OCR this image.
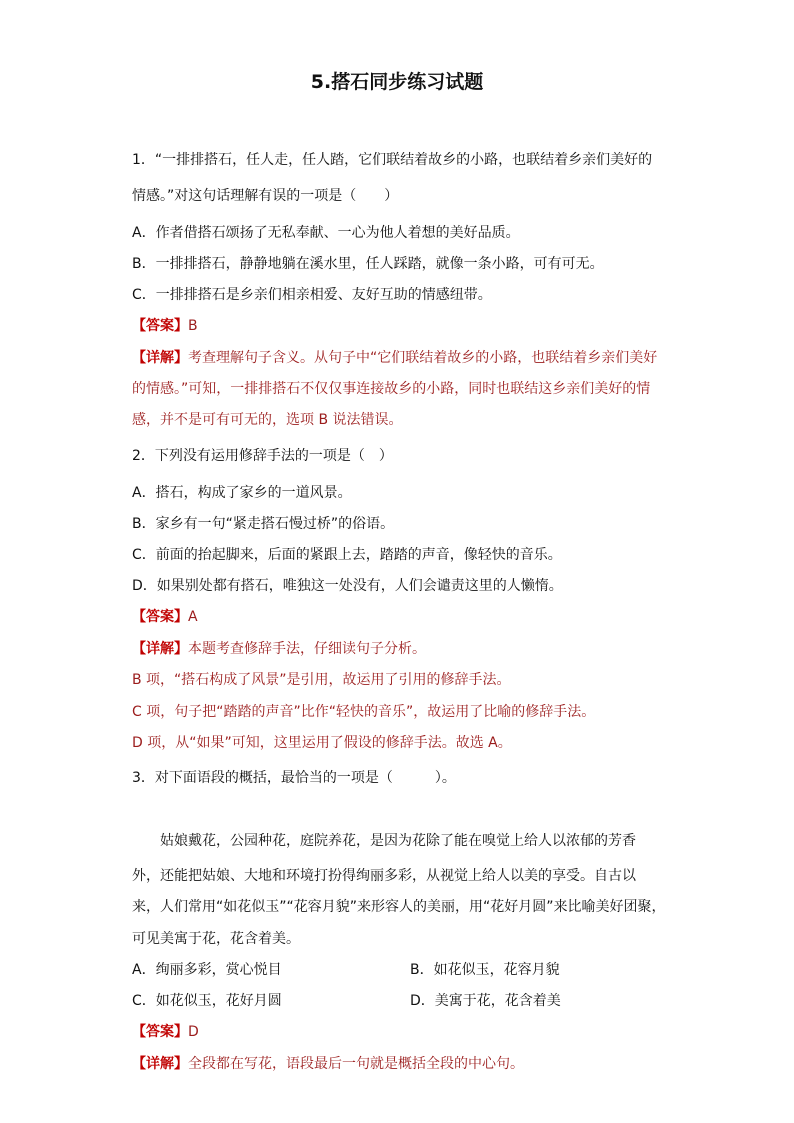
5.搭石同步练习试题
1．“一排排搭石，任人走，任人踏，它们联结着故乡的小路，也联结着乡亲们美好的
情感。”对这句话理解有误的一项是（　　）
A．作者借搭石颂扬了无私奉献、一心为他人着想的美好品质。
B．一排排搭石，静静地躺在溪水里，任人踩踏，就像一条小路，可有可无。
C．一排排搭石是乡亲们相亲相爱、友好互助的情感纽带。
【答案】B
【详解】考查理解句子含义。从句子中“它们联结着故乡的小路，也联结着乡亲们美好
的情感。”可知，一排排搭石不仅仅事连接故乡的小路，同时也联结这乡亲们美好的情
感，并不是可有可无的，选项 B 说法错误。
2．下列没有运用修辞手法的一项是（　）
A．搭石，构成了家乡的一道风景。
B．家乡有一句“紧走搭石慢过桥”的俗语。
C．前面的抬起脚来，后面的紧跟上去，踏踏的声音，像轻快的音乐。
D．如果别处都有搭石，唯独这一处没有，人们会谴责这里的人懒惰。
【答案】A
【详解】本题考查修辞手法，仔细读句子分析。
B 项，“搭石构成了风景”是引用，故运用了引用的修辞手法。
C 项，句子把“踏踏的声音”比作“轻快的音乐”，故运用了比喻的修辞手法。
D 项，从“如果”可知，这里运用了假设的修辞手法。故选 A。
3．对下面语段的概括，最恰当的一项是（　　　）。
姑娘戴花，公园种花，庭院养花，是因为花除了能在嗅觉上给人以浓郁的芳香
外，还能把姑娘、大地和环境打扮得绚丽多彩，从视觉上给人以美的享受。自古以
来，人们常用“如花似玉”“花容月貌”来形容人的美丽，用“花好月圆”来比喻美好团聚，
可见美寓于花，花含着美。
A．绚丽多彩，赏心悦目	B．如花似玉，花容月貌
C．如花似玉，花好月圆	D．美寓于花，花含着美
【答案】D
【详解】全段都在写花，语段最后一句就是概括全段的中心句。
